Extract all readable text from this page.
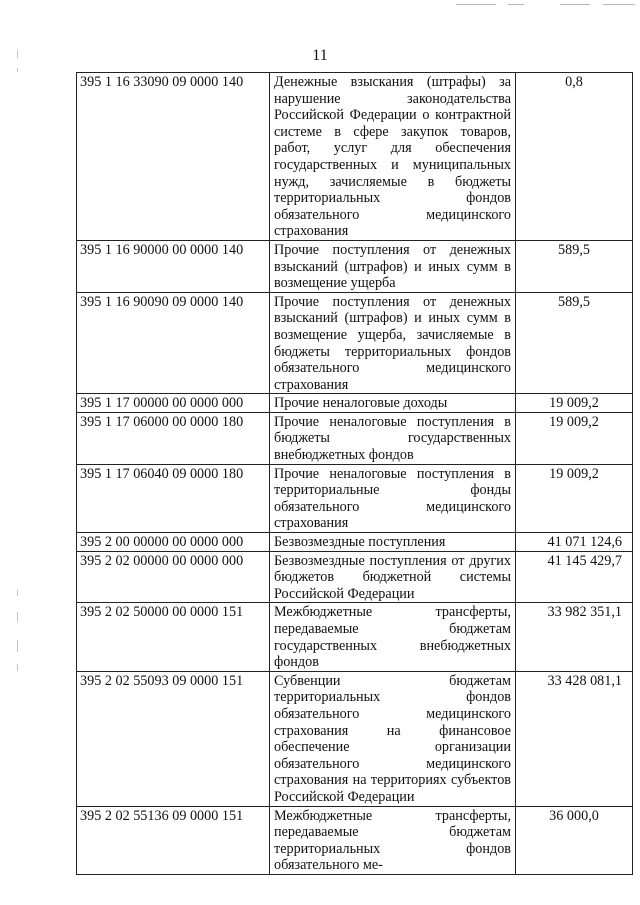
11
395 1 16 33090 09 0000 140	Денежные взыскания (штрафы) за нарушение законодательства Российской Федерации о контрактной системе в сфере закупок товаров, работ, услуг для обеспечения государственных и муниципальных нужд, зачисляемые в бюджеты территориальных фондов обязательного медицинского страхования	0,8
395 1 16 90000 00 0000 140	Прочие поступления от денежных взысканий (штрафов) и иных сумм в возмещение ущерба	589,5
395 1 16 90090 09 0000 140	Прочие поступления от денежных взысканий (штрафов) и иных сумм в возмещение ущерба, зачисляемые в бюджеты территориальных фондов обязательного медицинского страхования	589,5
395 1 17 00000 00 0000 000	Прочие неналоговые доходы	19 009,2
395 1 17 06000 00 0000 180	Прочие неналоговые поступления в бюджеты государственных внебюджетных фондов	19 009,2
395 1 17 06040 09 0000 180	Прочие неналоговые поступления в территориальные фонды обязательного медицинского страхования	19 009,2
395 2 00 00000 00 0000 000	Безвозмездные поступления	41 071 124,6
395 2 02 00000 00 0000 000	Безвозмездные поступления от других бюджетов бюджетной системы Российской Федерации	41 145 429,7
395 2 02 50000 00 0000 151	Межбюджетные трансферты, передаваемые бюджетам государственных внебюджетных фондов	33 982 351,1
395 2 02 55093 09 0000 151	Субвенции бюджетам территориальных фондов обязательного медицинского страхования на финансовое обеспечение организации обязательного медицинского страхования на территориях субъектов Российской Федерации	33 428 081,1
395 2 02 55136 09 0000 151	Межбюджетные трансферты, передаваемые бюджетам территориальных фондов обязательного ме-	36 000,0
